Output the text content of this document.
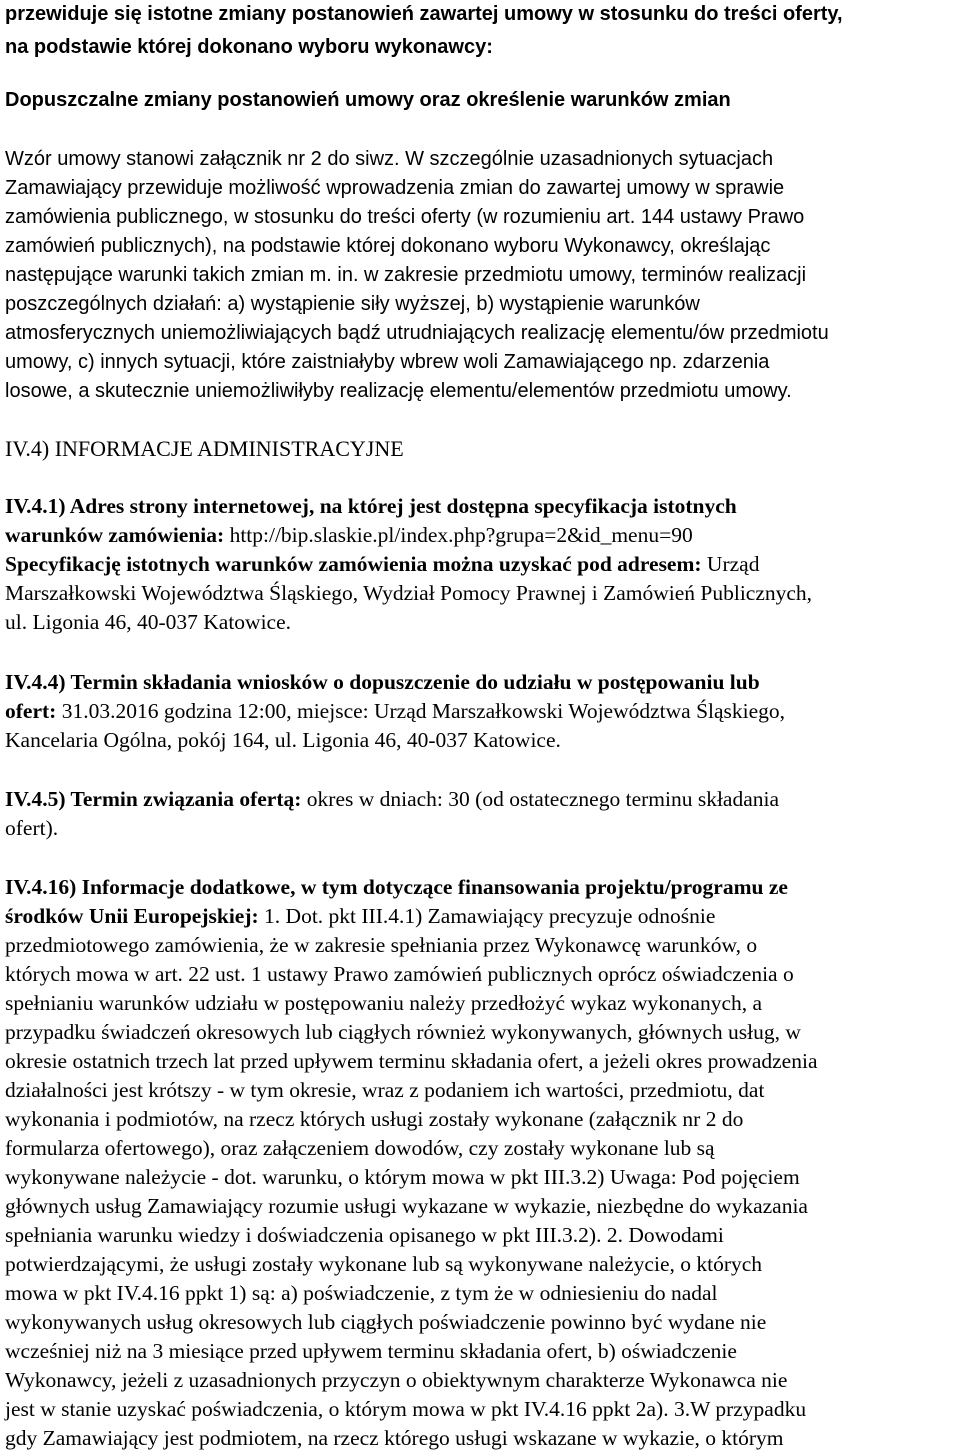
przewiduje się istotne zmiany postanowień zawartej umowy w stosunku do treści oferty,
na podstawie której dokonano wyboru wykonawcy:
Dopuszczalne zmiany postanowień umowy oraz określenie warunków zmian
Wzór umowy stanowi załącznik nr 2 do siwz. W szczególnie uzasadnionych sytuacjach
Zamawiający przewiduje możliwość wprowadzenia zmian do zawartej umowy w sprawie
zamówienia publicznego, w stosunku do treści oferty (w rozumieniu art. 144 ustawy Prawo
zamówień publicznych), na podstawie której dokonano wyboru Wykonawcy, określając
następujące warunki takich zmian m. in. w zakresie przedmiotu umowy, terminów realizacji
poszczególnych działań: a) wystąpienie siły wyższej, b) wystąpienie warunków
atmosferycznych uniemożliwiających bądź utrudniających realizację elementu/ów przedmiotu
umowy, c) innych sytuacji, które zaistniałyby wbrew woli Zamawiającego np. zdarzenia
losowe, a skutecznie uniemożliwiłyby realizację elementu/elementów przedmiotu umowy.
IV.4) INFORMACJE ADMINISTRACYJNE
IV.4.1) Adres strony internetowej, na której jest dostępna specyfikacja istotnych
warunków zamówienia: http://bip.slaskie.pl/index.php?grupa=2&id_menu=90
Specyfikację istotnych warunków zamówienia można uzyskać pod adresem: Urząd
Marszałkowski Województwa Śląskiego, Wydział Pomocy Prawnej i Zamówień Publicznych,
ul. Ligonia 46, 40-037 Katowice.
IV.4.4) Termin składania wniosków o dopuszczenie do udziału w postępowaniu lub
ofert: 31.03.2016 godzina 12:00, miejsce: Urząd Marszałkowski Województwa Śląskiego,
Kancelaria Ogólna, pokój 164, ul. Ligonia 46, 40-037 Katowice.
IV.4.5) Termin związania ofertą: okres w dniach: 30 (od ostatecznego terminu składania
ofert).
IV.4.16) Informacje dodatkowe, w tym dotyczące finansowania projektu/programu ze
środków Unii Europejskiej: 1. Dot. pkt III.4.1) Zamawiający precyzuje odnośnie
przedmiotowego zamówienia, że w zakresie spełniania przez Wykonawcę warunków, o
których mowa w art. 22 ust. 1 ustawy Prawo zamówień publicznych oprócz oświadczenia o
spełnianiu warunków udziału w postępowaniu należy przedłożyć wykaz wykonanych, a
przypadku świadczeń okresowych lub ciągłych również wykonywanych, głównych usług, w
okresie ostatnich trzech lat przed upływem terminu składania ofert, a jeżeli okres prowadzenia
działalności jest krótszy - w tym okresie, wraz z podaniem ich wartości, przedmiotu, dat
wykonania i podmiotów, na rzecz których usługi zostały wykonane (załącznik nr 2 do
formularza ofertowego), oraz załączeniem dowodów, czy zostały wykonane lub są
wykonywane należycie - dot. warunku, o którym mowa w pkt III.3.2) Uwaga: Pod pojęciem
głównych usług Zamawiający rozumie usługi wykazane w wykazie, niezbędne do wykazania
spełniania warunku wiedzy i doświadczenia opisanego w pkt III.3.2). 2. Dowodami
potwierdzającymi, że usługi zostały wykonane lub są wykonywane należycie, o których
mowa w pkt IV.4.16 ppkt 1) są: a) poświadczenie, z tym że w odniesieniu do nadal
wykonywanych usług okresowych lub ciągłych poświadczenie powinno być wydane nie
wcześniej niż na 3 miesiące przed upływem terminu składania ofert, b) oświadczenie
Wykonawcy, jeżeli z uzasadnionych przyczyn o obiektywnym charakterze Wykonawca nie
jest w stanie uzyskać poświadczenia, o którym mowa w pkt IV.4.16 ppkt 2a). 3.W przypadku
gdy Zamawiający jest podmiotem, na rzecz którego usługi wskazane w wykazie, o którym
